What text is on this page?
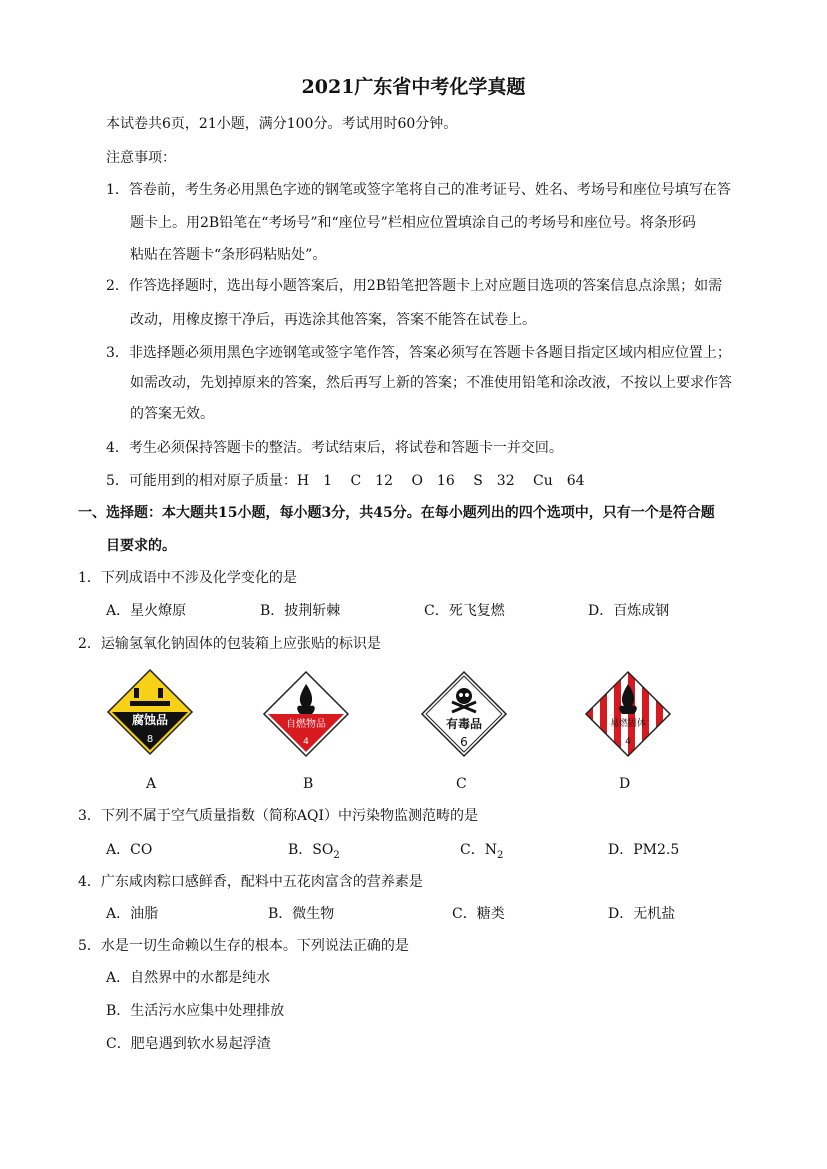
2021广东省中考化学真题
本试卷共6页，21小题，满分100分。考试用时60分钟。
注意事项：
1．答卷前，考生务必用黑色字迹的钢笔或签字笔将自己的准考证号、姓名、考场号和座位号填写在答
题卡上。用2B铅笔在“考场号”和“座位号”栏相应位置填涂自己的考场号和座位号。将条形码
粘贴在答题卡“条形码粘贴处”。
2．作答选择题时，选出每小题答案后，用2B铅笔把答题卡上对应题目选项的答案信息点涂黑；如需
改动，用橡皮擦干净后，再选涂其他答案，答案不能答在试卷上。
3．非选择题必须用黑色字迹钢笔或签字笔作答，答案必须写在答题卡各题目指定区域内相应位置上；
如需改动，先划掉原来的答案，然后再写上新的答案；不准使用铅笔和涂改液，不按以上要求作答
的答案无效。
4．考生必须保持答题卡的整洁。考试结束后，将试卷和答题卡一并交回。
5．可能用到的相对原子质量：H　1　 C　12　 O　16　 S　32　 Cu　64
一、选择题：本大题共15小题，每小题3分，共45分。在每小题列出的四个选项中，只有一个是符合题
目要求的。
1．下列成语中不涉及化学变化的是
A．星火燎原	B．披荆斩棘	C．死飞复燃	D．百炼成钢
2．运输氢氧化钠固体的包装箱上应张贴的标识是
腐蚀品
8
自燃物品
4
有毒品
6
易燃固体
4
A	B	C	D
3．下列不属于空气质量指数（简称AQI）中污染物监测范畴的是
A．CO	B．$SO_2$	C．$N_2$	D．PM2.5
4．广东咸肉粽口感鲜香，配料中五花肉富含的营养素是
A．油脂	B．微生物	C．糖类	D．无机盐
5．水是一切生命赖以生存的根本。下列说法正确的是
A．自然界中的水都是纯水
B．生活污水应集中处理排放
C．肥皂遇到软水易起浮渣
